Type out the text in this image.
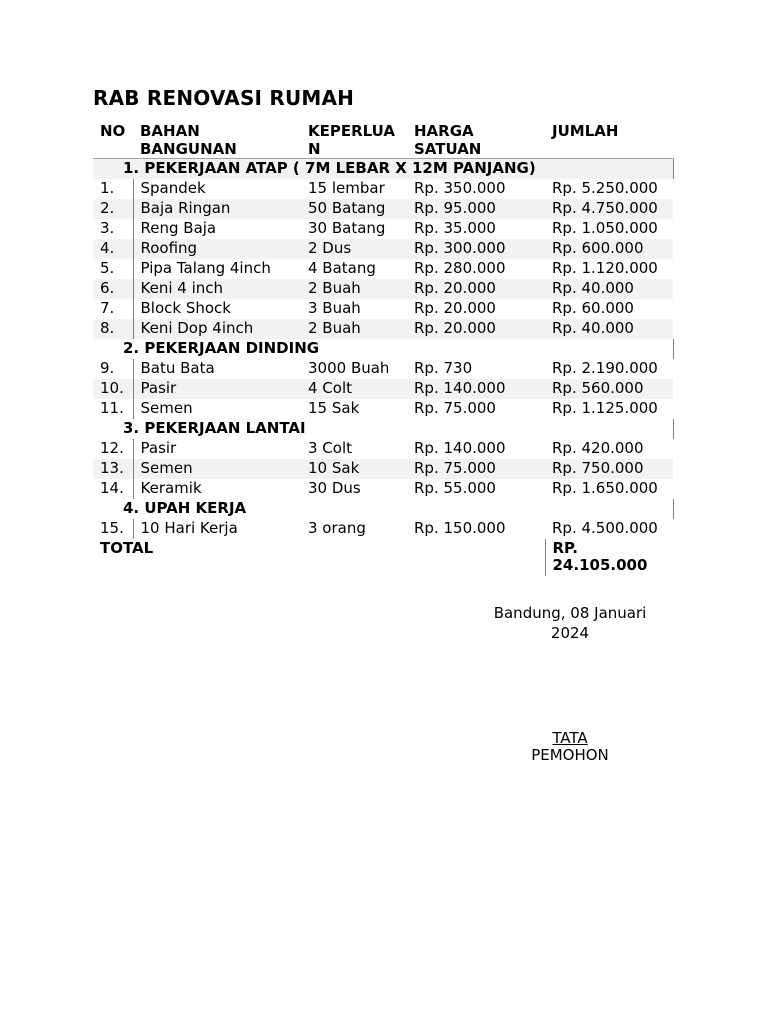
RAB RENOVASI RUMAH
NO	BAHAN BANGUNAN	KEPERLUAN	HARGA SATUAN	JUMLAH
1. PEKERJAAN ATAP ( 7M LEBAR X 12M PANJANG)				
1.	Spandek	15 lembar	Rp. 350.000	Rp. 5.250.000
2.	Baja Ringan	50 Batang	Rp. 95.000	Rp. 4.750.000
3.	Reng Baja	30 Batang	Rp. 35.000	Rp. 1.050.000
4.	Roofing	2 Dus	Rp. 300.000	Rp. 600.000
5.	Pipa Talang 4inch	4 Batang	Rp. 280.000	Rp. 1.120.000
6.	Keni 4 inch	2 Buah	Rp. 20.000	Rp. 40.000
7.	Block Shock	3 Buah	Rp. 20.000	Rp. 60.000
8.	Keni Dop 4inch	2 Buah	Rp. 20.000	Rp. 40.000
2. PEKERJAAN DINDING				
9.	Batu Bata	3000 Buah	Rp. 730	Rp. 2.190.000
10.	Pasir	4 Colt	Rp. 140.000	Rp. 560.000
11.	Semen	15 Sak	Rp. 75.000	Rp. 1.125.000
3. PEKERJAAN LANTAI				
12.	Pasir	3 Colt	Rp. 140.000	Rp. 420.000
13.	Semen	10 Sak	Rp. 75.000	Rp. 750.000
14.	Keramik	30 Dus	Rp. 55.000	Rp. 1.650.000
4. UPAH KERJA				
15.	10 Hari Kerja	3 orang	Rp. 150.000	Rp. 4.500.000
TOTAL				RP. 24.105.000
Bandung, 08 Januari 2024
TATA
PEMOHON
